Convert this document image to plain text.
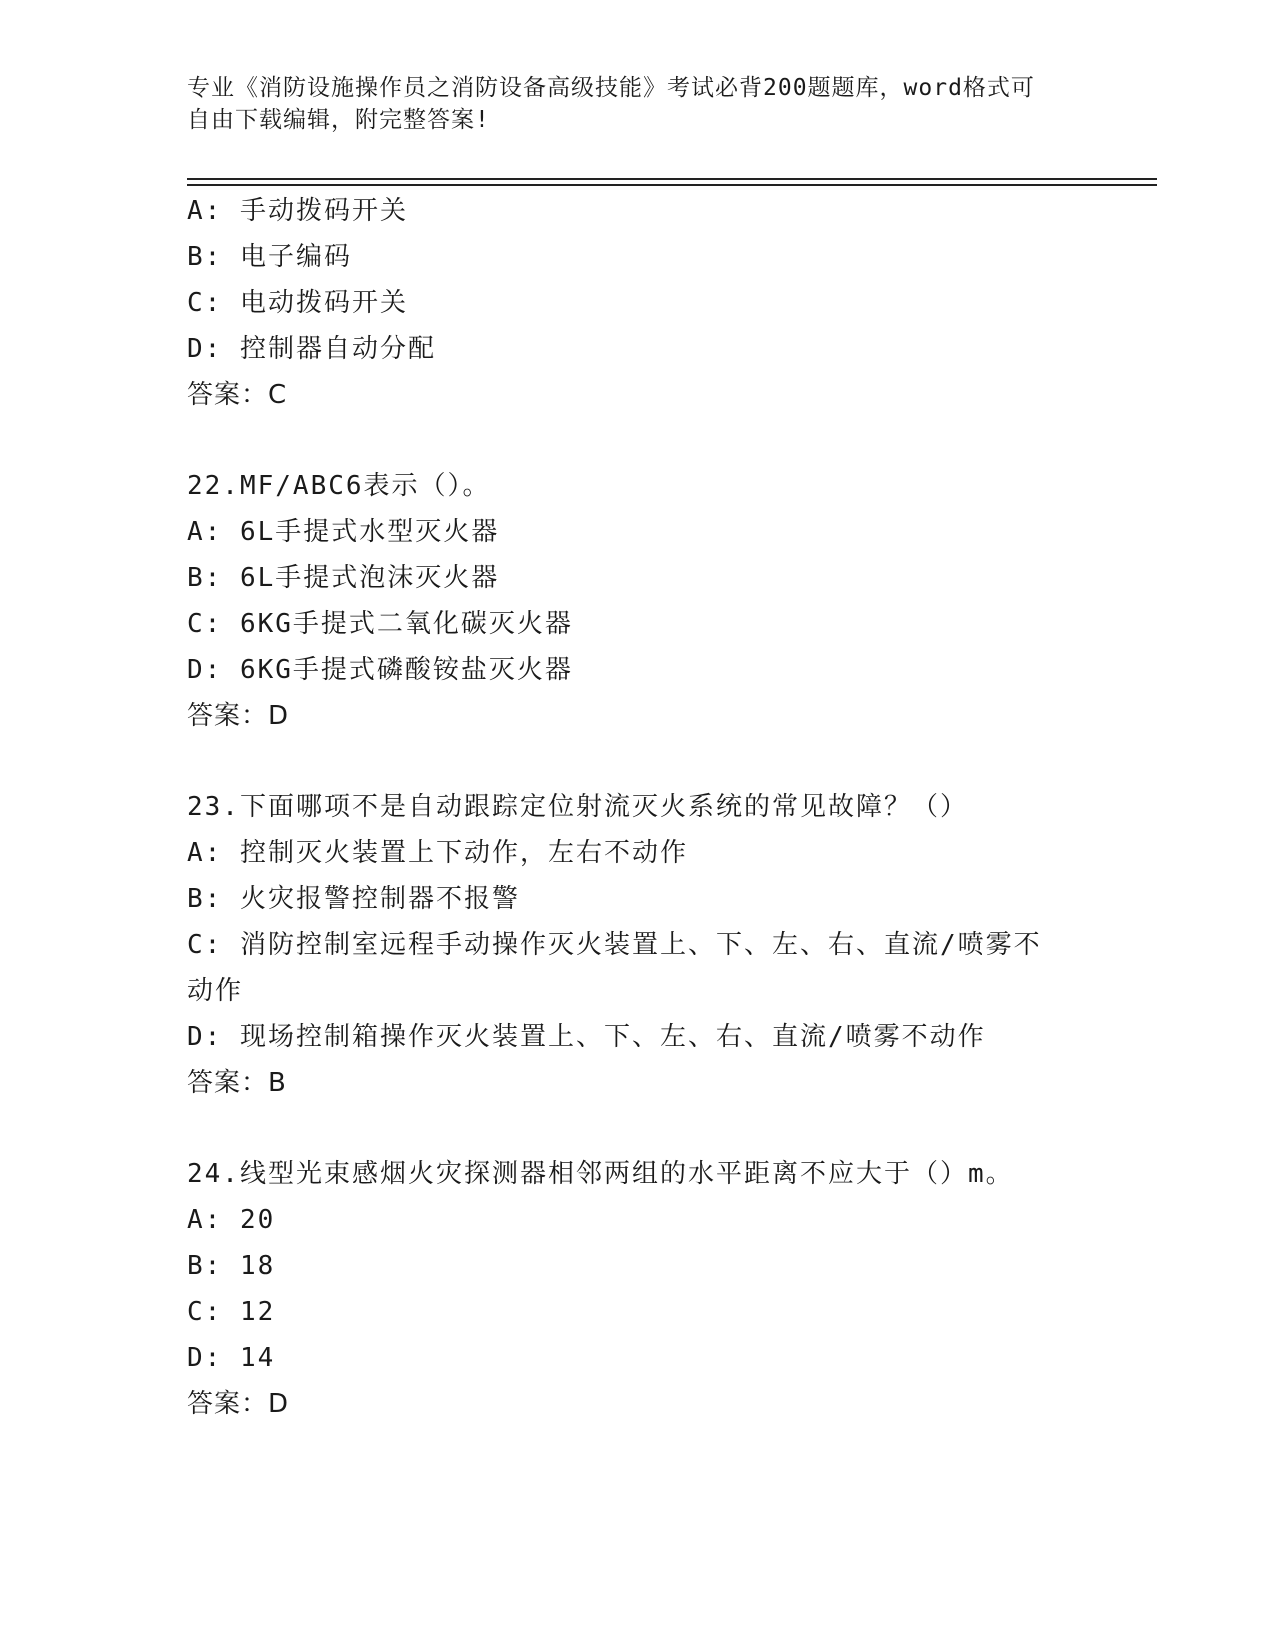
专业《消防设施操作员之消防设备高级技能》考试必背200题题库，word格式可
自由下载编辑，附完整答案!
A: 手动拨码开关
B: 电子编码
C: 电动拨码开关
D: 控制器自动分配
答案：C
22.MF/ABC6表示（）。
A: 6L手提式水型灭火器
B: 6L手提式泡沫灭火器
C: 6KG手提式二氧化碳灭火器
D: 6KG手提式磷酸铵盐灭火器
答案：D
23.下面哪项不是自动跟踪定位射流灭火系统的常见故障？（）
A: 控制灭火装置上下动作，左右不动作
B: 火灾报警控制器不报警
C: 消防控制室远程手动操作灭火装置上、下、左、右、直流/喷雾不动作
D: 现场控制箱操作灭火装置上、下、左、右、直流/喷雾不动作
答案：B
24.线型光束感烟火灾探测器相邻两组的水平距离不应大于（）m。
A: 20
B: 18
C: 12
D: 14
答案：D
